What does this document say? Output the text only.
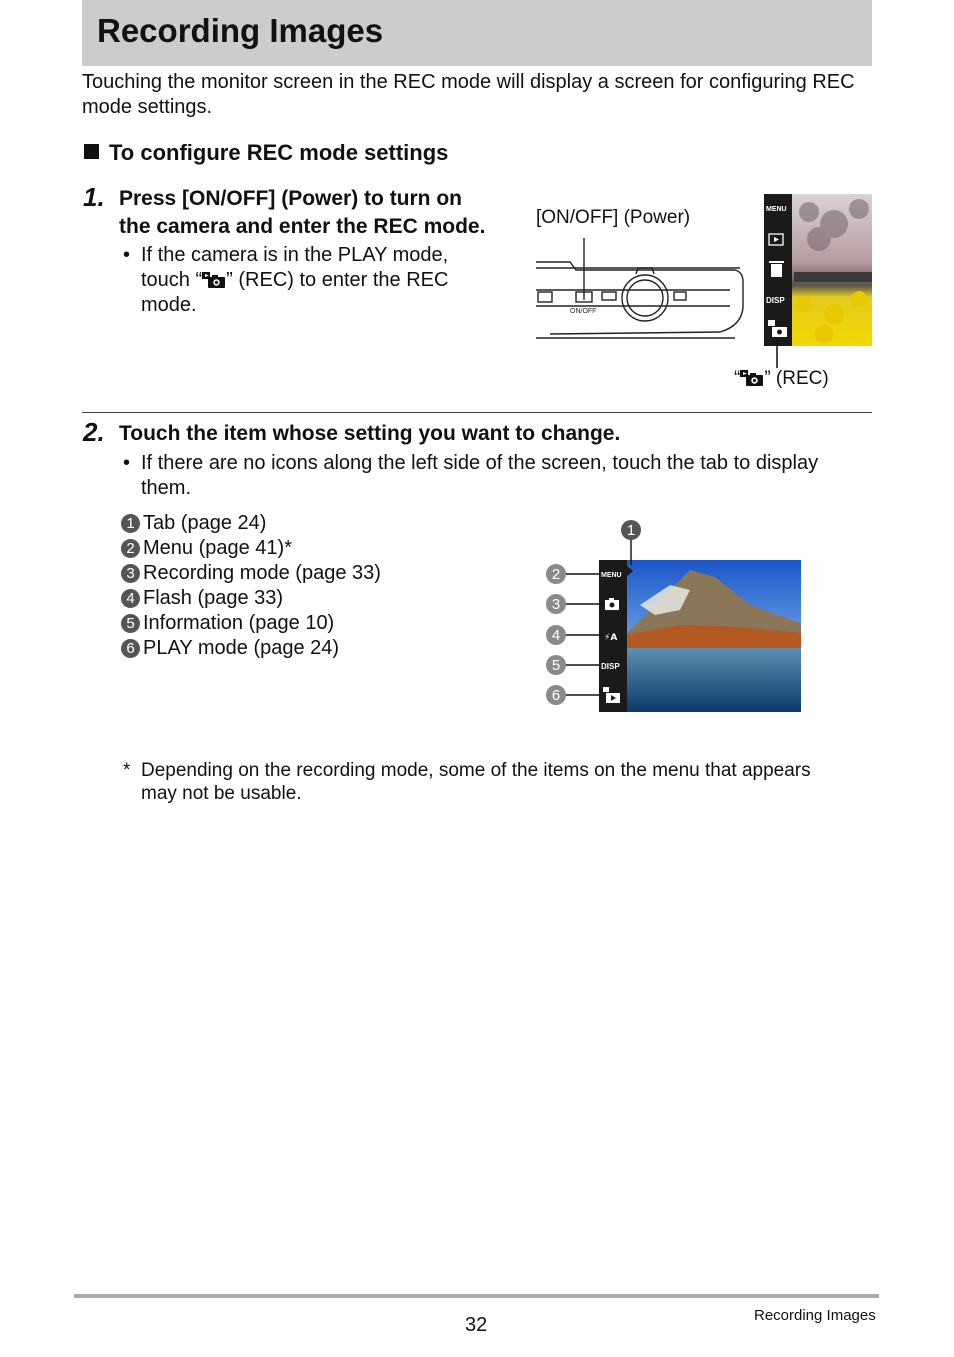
Recording Images
Touching the monitor screen in the REC mode will display a screen for configuring REC mode settings.
To configure REC mode settings
1. Press [ON/OFF] (Power) to turn on
the camera and enter the REC mode.
• If the camera is in the PLAY mode,
touch “ ” (REC) to enter the REC
mode.
[ON/OFF] (Power)
ON/OFF
MENU
DISP
“ ” (REC)
2. Touch the item whose setting you want to change.
• If there are no icons along the left side of the screen, touch the tab to display
them.
1 Tab (page 24)
2 Menu (page 41)*
3 Recording mode (page 33)
4 Flash (page 33)
5 Information (page 10)
6 PLAY mode (page 24)
MENU
⚡A
DISP
1
2
3
4
5
6
* Depending on the recording mode, some of the items on the menu that appears
may not be usable.
32	Recording Images
